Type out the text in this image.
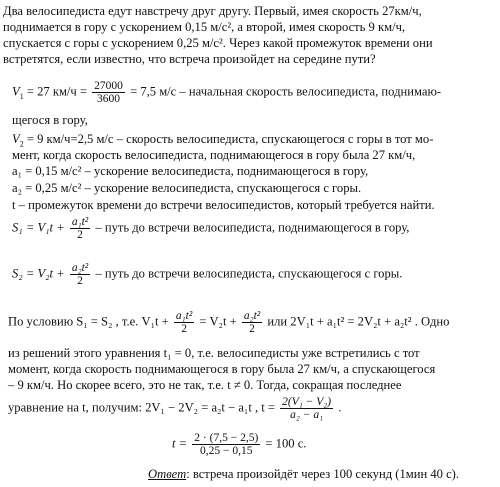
Два велосипедиста едут навстречу друг другу. Первый, имея скорость 27км/ч,
поднимается в гору с ускорением 0,15 м/с², а второй, имея скорость 9 км/ч,
спускается с горы с ускорением 0,25 м/с². Через какой промежуток времени они
встретятся, если известно, что встреча произойдет на середине пути?
$V_1 = 27$ $км/ч = \frac{27000}{3600} = 7,5$ м/с – начальная скорость велосипедиста, поднимаю-
щегося в гору,
$V_2 = 9$ км/ч=2,5 м/с – скорость велосипедиста, спускающегося с горы в тот мо-
мент, когда скорость велосипедиста, поднимающегося в гору была 27 км/ч,
a₁ = 0,15 м/с² – ускорение велосипедиста, поднимающегося в гору,
a₂ = 0,25 м/с² – ускорение велосипедиста, спускающегося с горы.
t – промежуток времени до встречи велосипедистов, который требуется найти.
$S_1 = V_1t + \frac{\text{a₁t²}}{2}$ – путь до встречи велосипедиста, поднимающегося в гору,
$S_2 = V_2t + \frac{\text{a₂t²}}{2}$ – путь до встречи велосипедиста, спускающегося с горы.
По условию S₁ = S₂ , т.е. $V_1t + \frac{\text{a₁t²}}{2} = V_2t + \frac{\text{a₂t²}}{2}$ или 2V₁t + a₁t² = 2V₂t + a₂t² . Одно
из решений этого уравнения t₁ = 0, т.е. велосипедисты уже встретились с тот
момент, когда скорость поднимающегося в гору была 27 км/ч, а спускающегося
– 9 км/ч. Но скорее всего, это не так, т.е. t ≠ 0. Тогда, сокращая последнее
уравнение на t, получим: 2V₁ − 2V₂ = a₂t − a₁t , $t = \frac{\text{2(V₁ − V₂)}}{\text{a₂ − a₁}}$ .
$t = \frac{2 \cdot (7,5 - 2,5)}{0,25 - 0,15} = 100$ с.
Ответ: встреча произойдёт через 100 секунд (1мин 40 с).
